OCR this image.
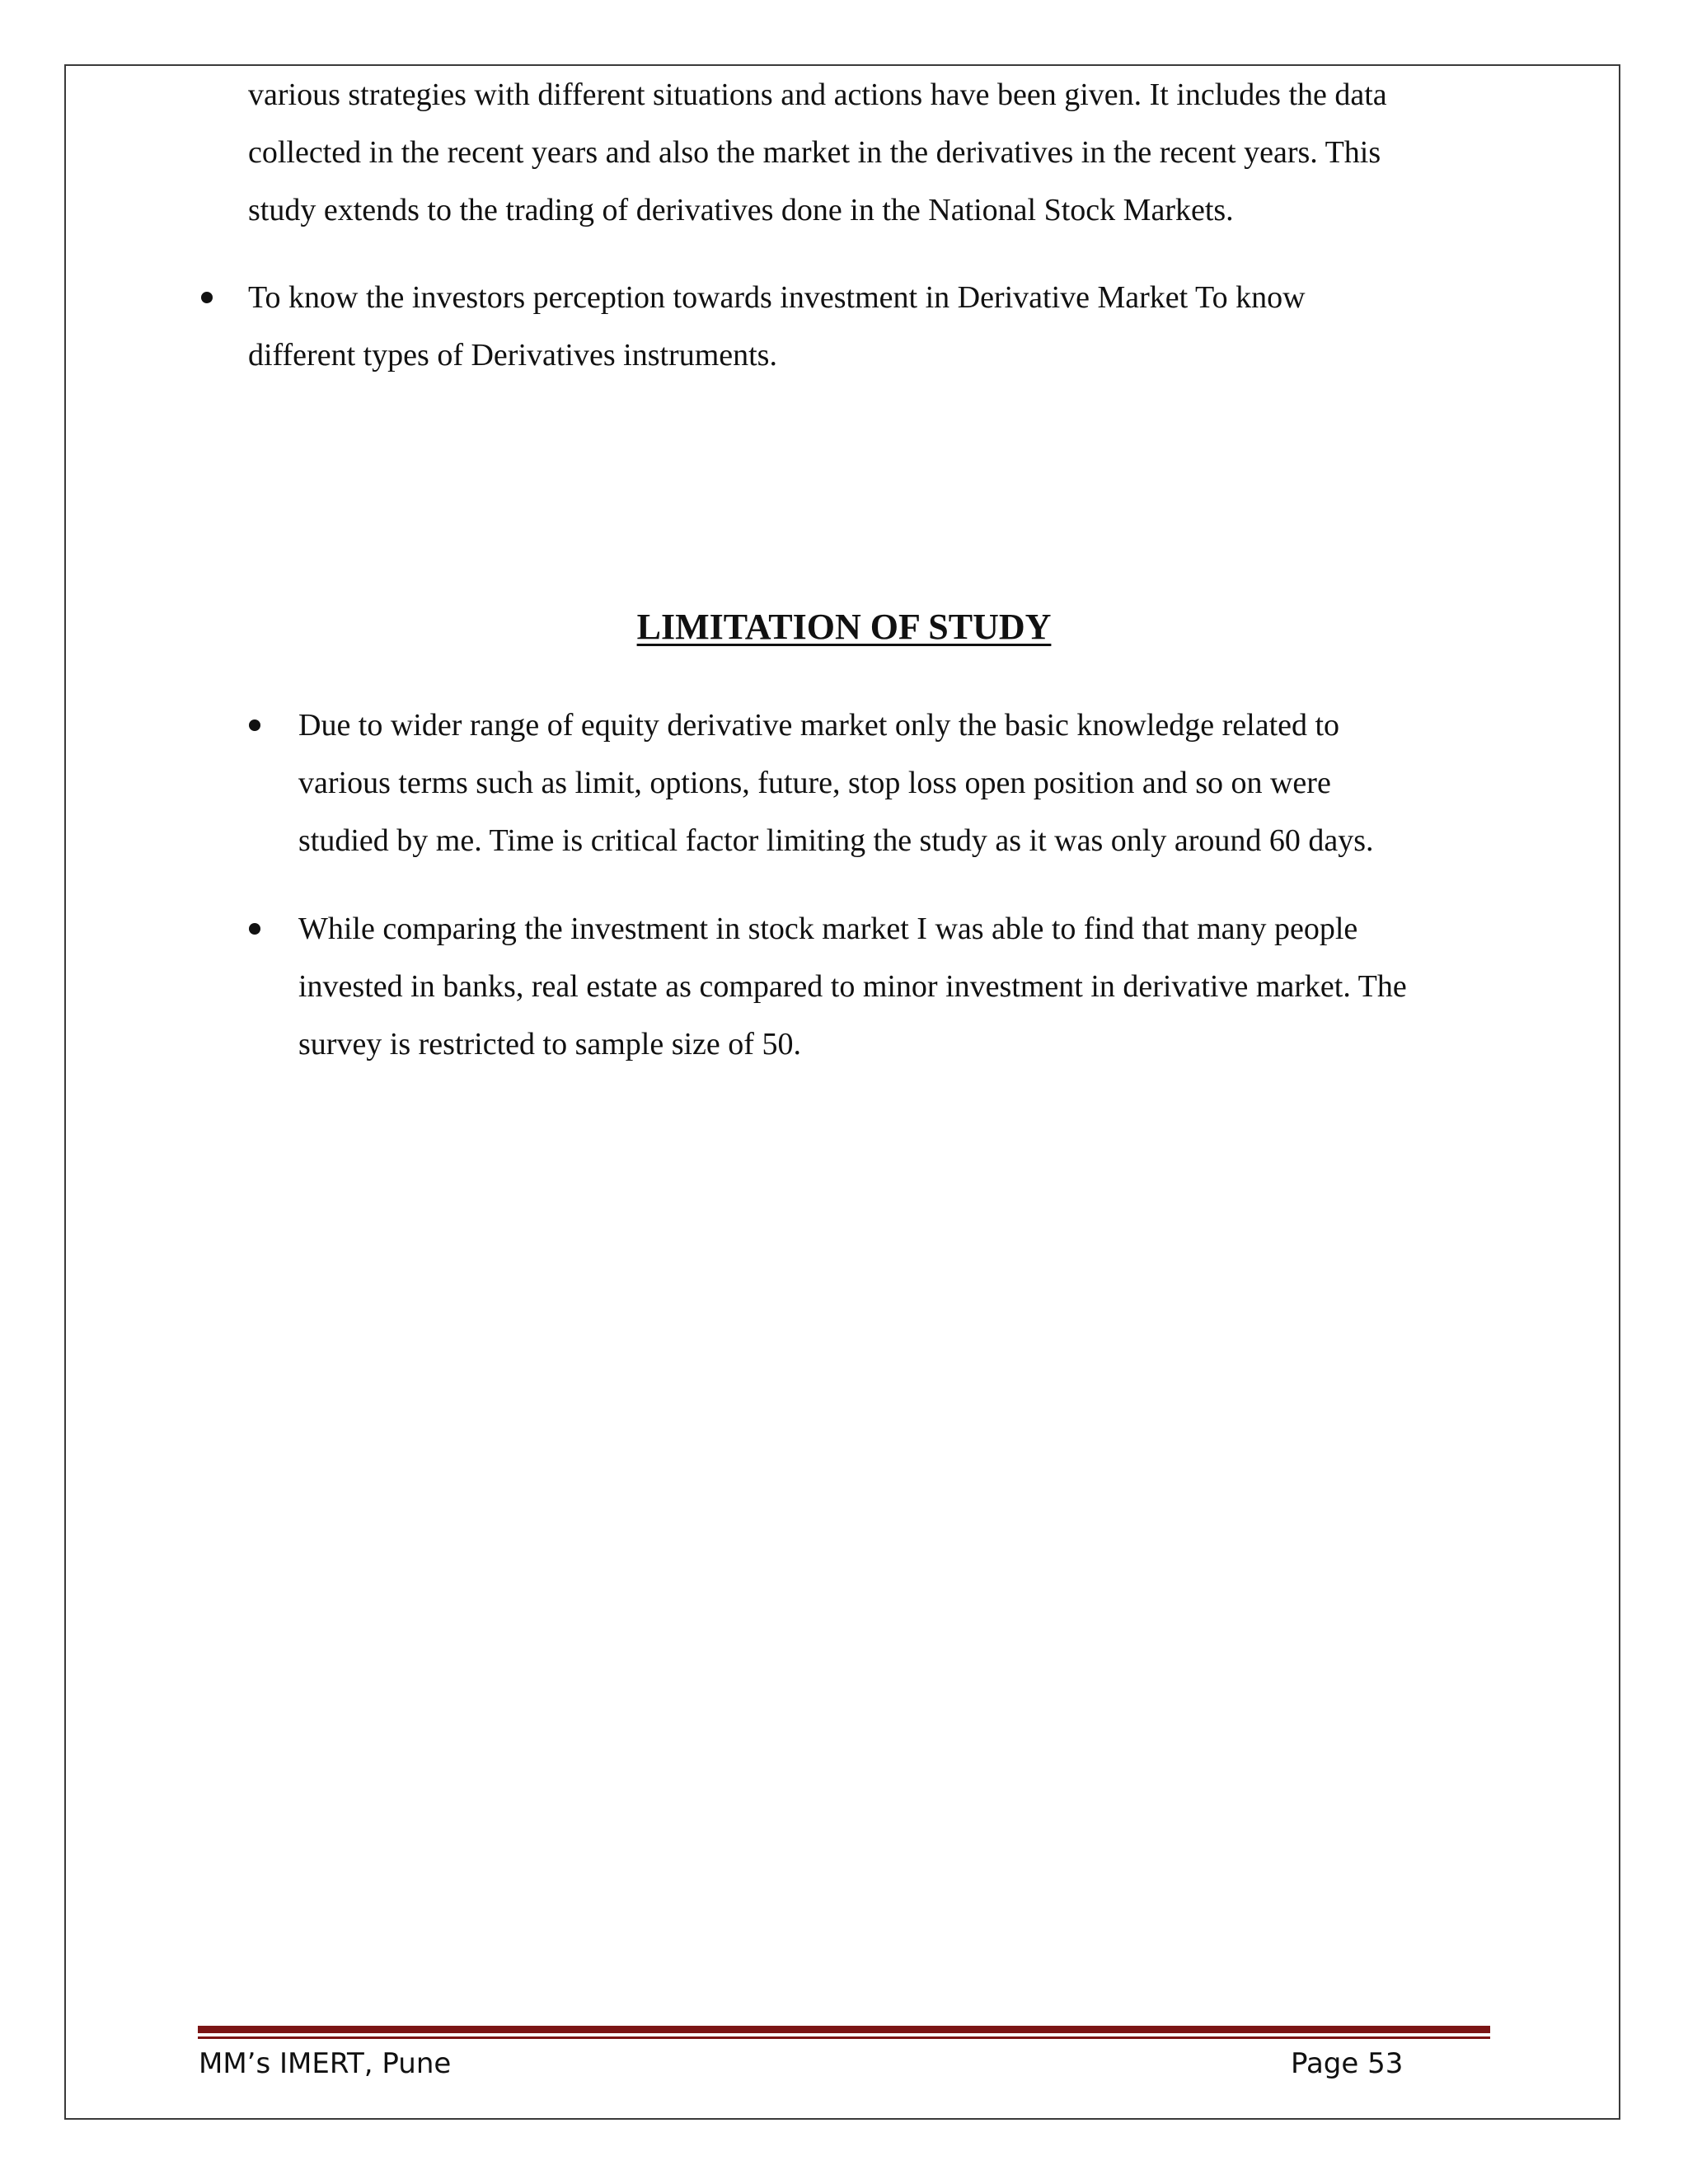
various strategies with different situations and actions have been given. It includes the data
collected in the recent years and also the market in the derivatives in the recent years. This
study extends to the trading of derivatives done in the National Stock Markets.
To know the investors perception towards investment in Derivative Market To know
different types of Derivatives instruments.
LIMITATION OF STUDY
Due to wider range of equity derivative market only the basic knowledge related to
various terms such as limit, options, future, stop loss open position and so on were
studied by me. Time is critical factor limiting the study as it was only around 60 days.
While comparing the investment in stock market I was able to find that many people
invested in banks, real estate as compared to minor investment in derivative market. The
survey is restricted to sample size of 50.
MM’s IMERT, Pune	Page 53
